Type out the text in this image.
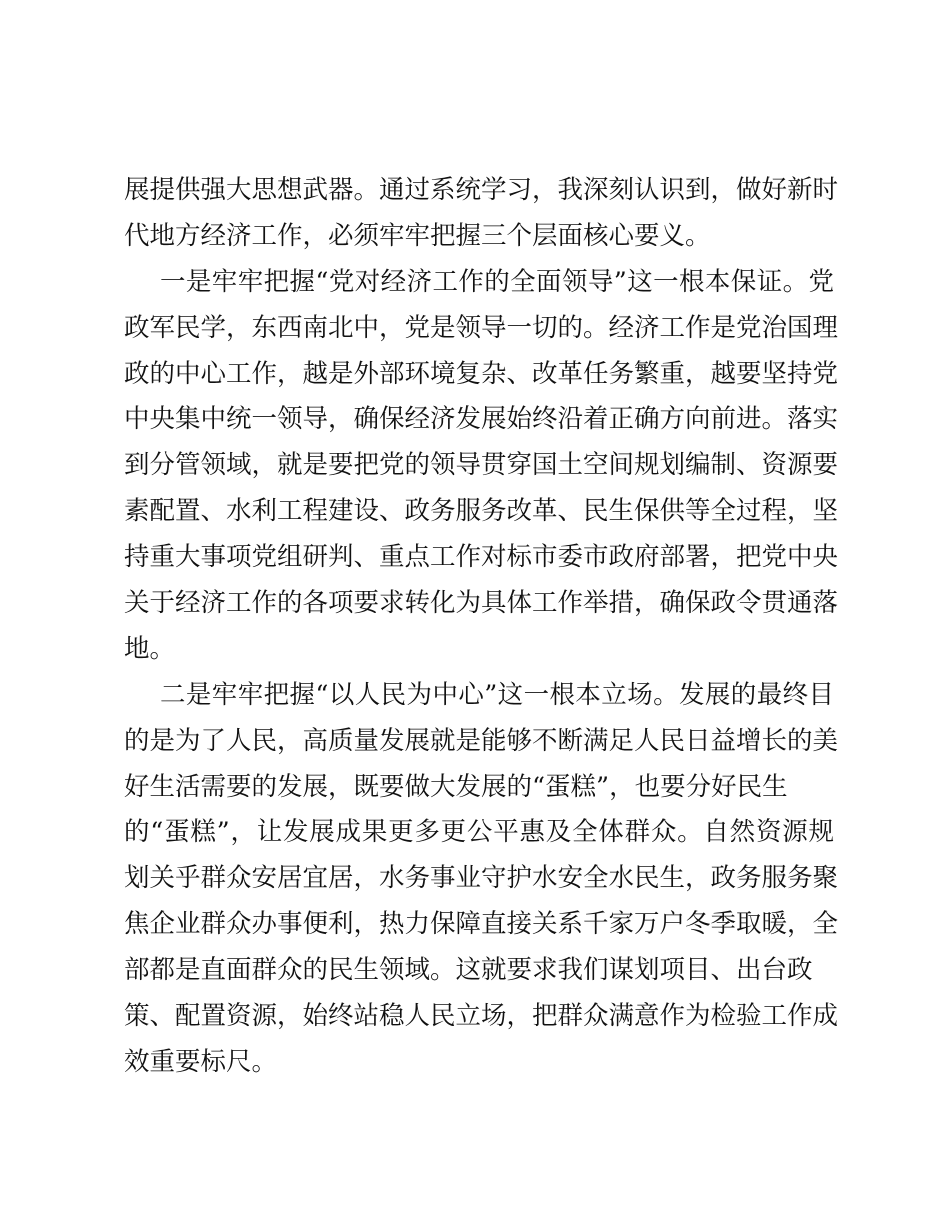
展提供强大思想武器。通过系统学习，我深刻认识到，做好新时
代地方经济工作，必须牢牢把握三个层面核心要义。
一是牢牢把握“党对经济工作的全面领导”这一根本保证。党
政军民学，东西南北中，党是领导一切的。经济工作是党治国理
政的中心工作，越是外部环境复杂、改革任务繁重，越要坚持党
中央集中统一领导，确保经济发展始终沿着正确方向前进。落实
到分管领域，就是要把党的领导贯穿国土空间规划编制、资源要
素配置、水利工程建设、政务服务改革、民生保供等全过程，坚
持重大事项党组研判、重点工作对标市委市政府部署，把党中央
关于经济工作的各项要求转化为具体工作举措，确保政令贯通落
地。
二是牢牢把握“以人民为中心”这一根本立场。发展的最终目
的是为了人民，高质量发展就是能够不断满足人民日益增长的美
好生活需要的发展，既要做大发展的“蛋糕”，也要分好民生
的“蛋糕”，让发展成果更多更公平惠及全体群众。自然资源规
划关乎群众安居宜居，水务事业守护水安全水民生，政务服务聚
焦企业群众办事便利，热力保障直接关系千家万户冬季取暖，全
部都是直面群众的民生领域。这就要求我们谋划项目、出台政
策、配置资源，始终站稳人民立场，把群众满意作为检验工作成
效重要标尺。
